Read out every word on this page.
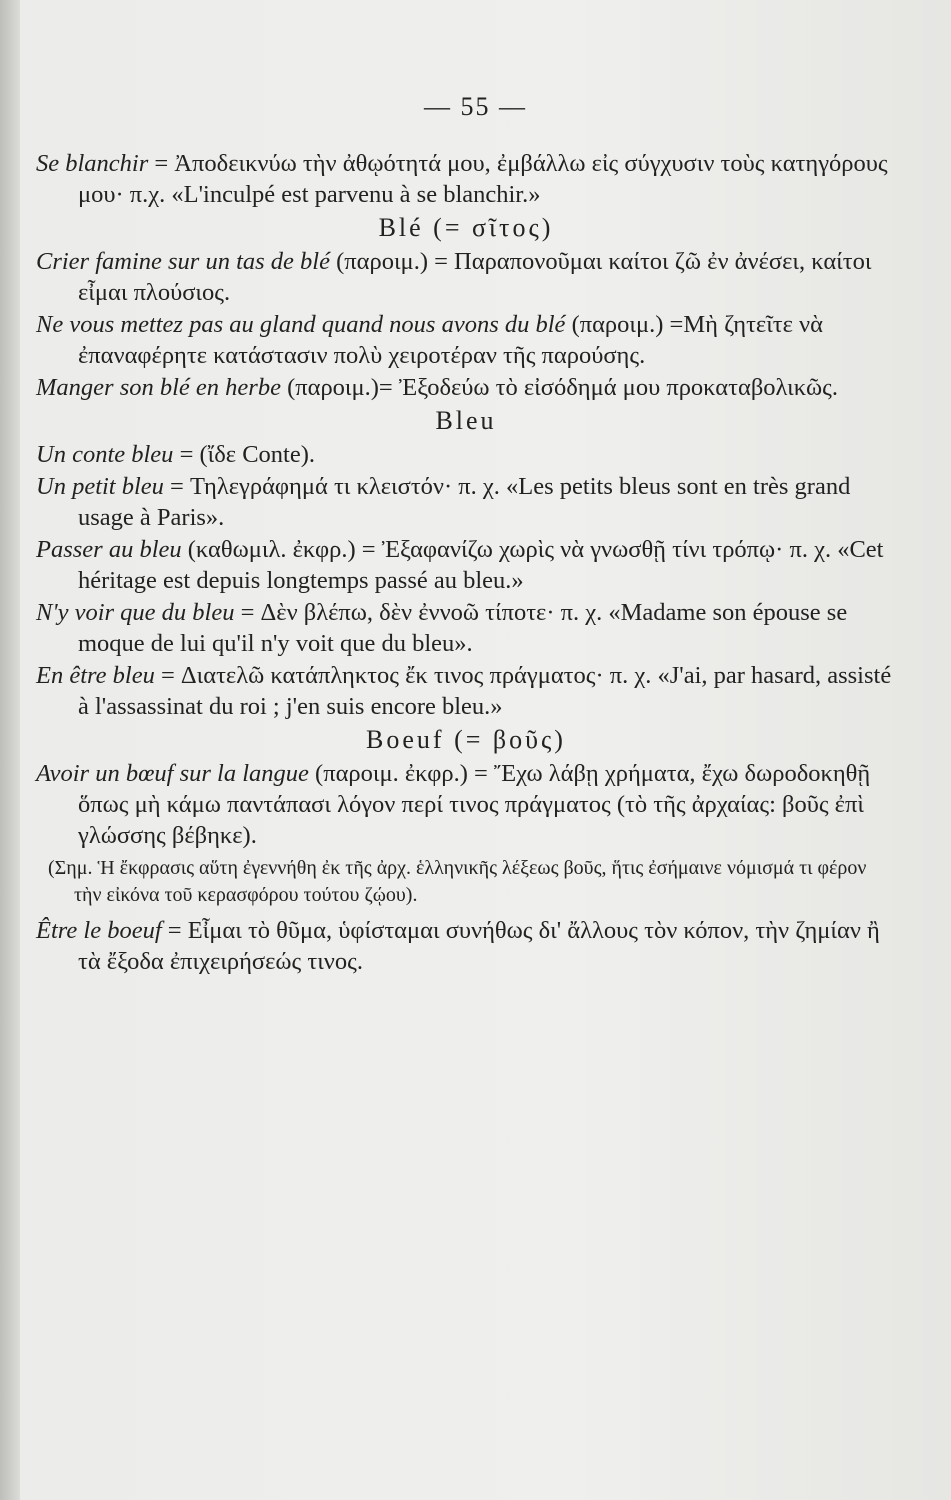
— 55 —
Se blanchir = Ἀποδεικνύω τὴν ἀθῳότητά μου, ἐμβάλλω εἰς σύγχυσιν τοὺς κατηγόρους μου· π.χ. «L'inculpé est parvenu à se blanchir.»
Blé (= σῖτος)
Crier famine sur un tas de blé (παροιμ.) = Παραπονοῦμαι καίτοι ζῶ ἐν ἀνέσει, καίτοι εἶμαι πλούσιος.
Ne vous mettez pas au gland quand nous avons du blé (παροιμ.) =Μὴ ζητεῖτε νὰ ἐπαναφέρητε κατάστασιν πολὺ χειροτέραν τῆς παρούσης.
Manger son blé en herbe (παροιμ.)= Ἐξοδεύω τὸ εἰσόδημά μου προκαταβολικῶς.
Bleu
Un conte bleu = (ἴδε Conte).
Un petit bleu = Τηλεγράφημά τι κλειστόν· π. χ. «Les petits bleus sont en très grand usage à Paris».
Passer au bleu (καθωμιλ. ἐκφρ.) = Ἐξαφανίζω χωρὶς νὰ γνωσθῇ τίνι τρόπῳ· π. χ. «Cet héritage est depuis longtemps passé au bleu.»
N'y voir que du bleu = Δὲν βλέπω, δὲν ἐννοῶ τίποτε· π. χ. «Madame son épouse se moque de lui qu'il n'y voit que du bleu».
En être bleu = Διατελῶ κατάπληκτος ἔκ τινος πράγματος· π. χ. «J'ai, par hasard, assisté à l'assassinat du roi ; j'en suis encore bleu.»
Boeuf (= βοῦς)
Avoir un bœuf sur la langue (παροιμ. ἐκφρ.) = Ἔχω λάβῃ χρήματα, ἔχω δωροδοκηθῇ ὅπως μὴ κάμω παντάπασι λόγον περί τινος πράγματος (τὸ τῆς ἀρχαίας: βοῦς ἐπὶ γλώσσης βέβηκε).
(Σημ. Ἡ ἔκφρασις αὕτη ἐγεννήθη ἐκ τῆς ἀρχ. ἑλληνικῆς λέξεως βοῦς, ἥτις ἐσήμαινε νόμισμά τι φέρον τὴν εἰκόνα τοῦ κερασφόρου τούτου ζῴου).
Être le boeuf = Εἶμαι τὸ θῦμα, ὑφίσταμαι συνήθως δι' ἄλλους τὸν κόπον, τὴν ζημίαν ἢ τὰ ἔξοδα ἐπιχειρήσεώς τινος.
